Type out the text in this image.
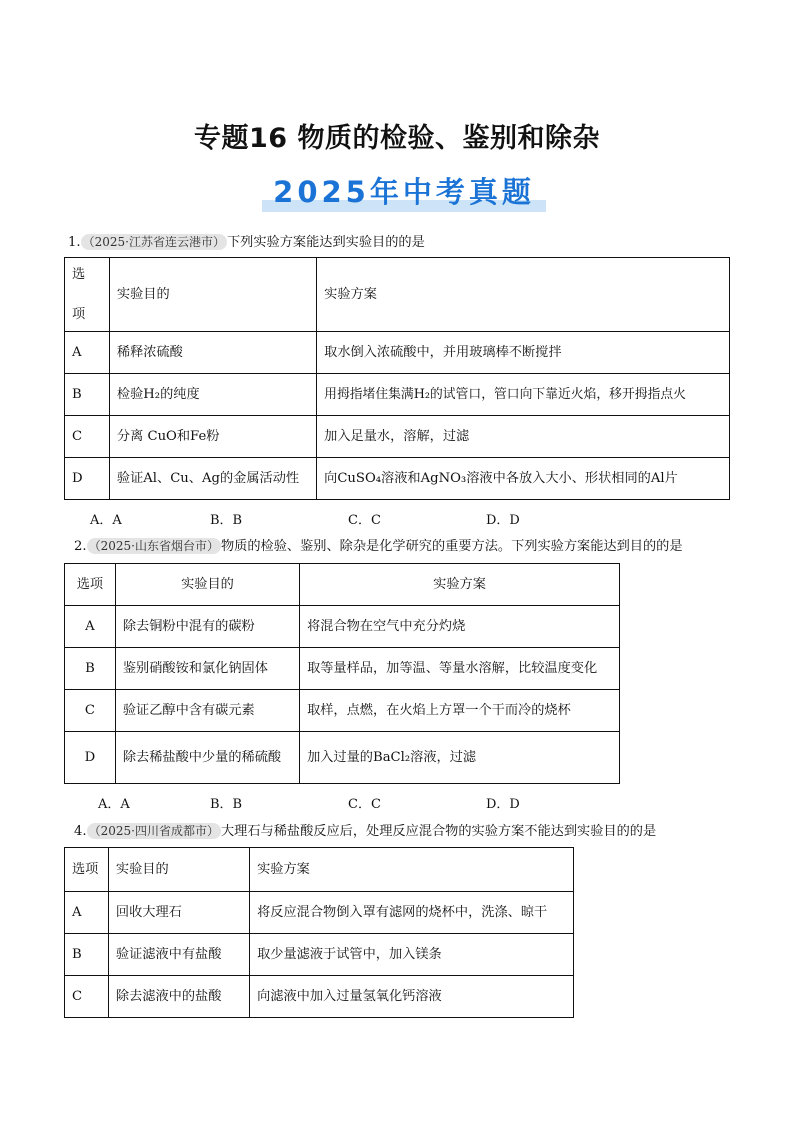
专题16 物质的检验、鉴别和除杂
2025年中考真题
1. （2025·江苏省连云港市） 下列实验方案能达到实验目的的是
选

项	实验目的	实验方案
A	稀释浓硫酸	取水倒入浓硫酸中，并用玻璃棒不断搅拌
B	检验H₂的纯度	用拇指堵住集满H₂的试管口，管口向下靠近火焰，移开拇指点火
C	分离 CuO和Fe粉	加入足量水，溶解，过滤
D	验证Al、Cu、Ag的金属活动性	向CuSO₄溶液和AgNO₃溶液中各放入大小、形状相同的Al片
A．A	B．B	C．C	D．D
2. （2025·山东省烟台市） 物质的检验、鉴别、除杂是化学研究的重要方法。下列实验方案能达到目的的是
选项	实验目的	实验方案
A	除去铜粉中混有的碳粉	将混合物在空气中充分灼烧
B	鉴别硝酸铵和氯化钠固体	取等量样品，加等温、等量水溶解，比较温度变化
C	验证乙醇中含有碳元素	取样，点燃，在火焰上方罩一个干而冷的烧杯
D	除去稀盐酸中少量的稀硫酸	加入过量的BaCl₂溶液，过滤
A．A	B．B	C．C	D．D
4. （2025·四川省成都市） 大理石与稀盐酸反应后，处理反应混合物的实验方案不能达到实验目的的是
选项	实验目的	实验方案
A	回收大理石	将反应混合物倒入罩有滤网的烧杯中，洗涤、晾干
B	验证滤液中有盐酸	取少量滤液于试管中，加入镁条
C	除去滤液中的盐酸	向滤液中加入过量氢氧化钙溶液
